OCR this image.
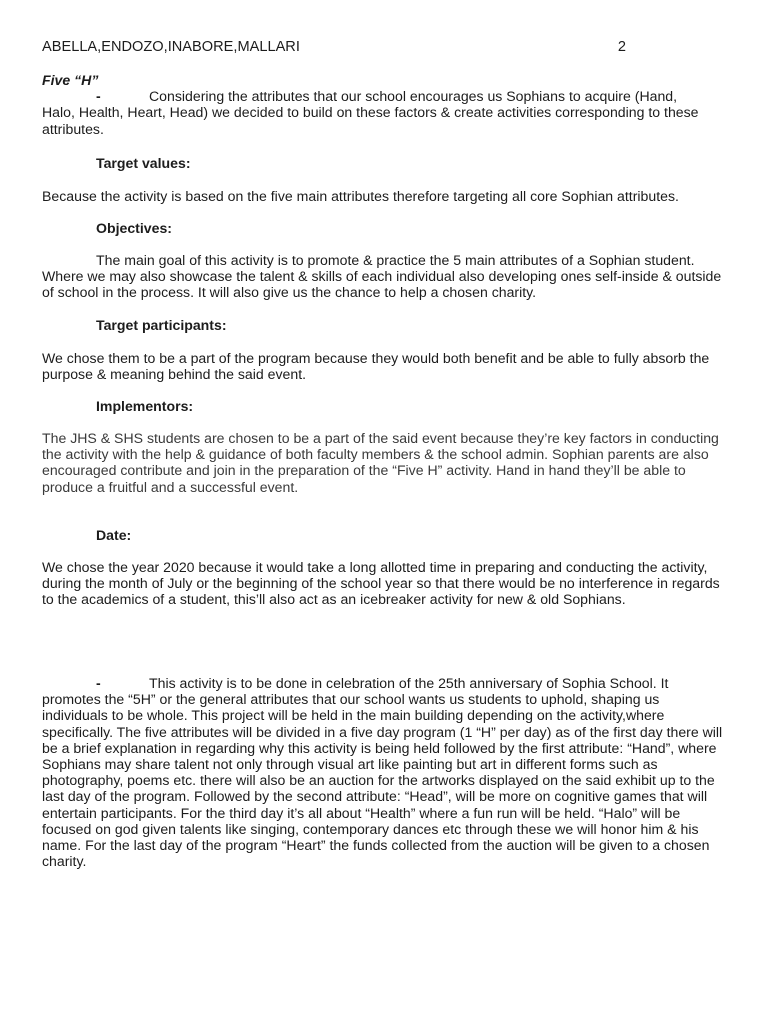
ABELLA,ENDOZO,INABORE,MALLARI	2

Five “H”

-	Considering the attributes that our school encourages us Sophians to acquire (Hand,

Halo, Health, Heart, Head) we decided to build on these factors & create activities corresponding to these attributes.

Target values:

Because the activity is based on the five main attributes therefore targeting all core Sophian attributes.

Objectives:

The main goal of this activity is to promote & practice the 5 main attributes of a Sophian student. Where we may also showcase the talent & skills of each individual also developing ones self-inside & outside of school in the process. It will also give us the chance to help a chosen charity.

Target participants:

We chose them to be a part of the program because they would both benefit and be able to fully absorb the purpose & meaning behind the said event.

Implementors:

The JHS & SHS students are chosen to be a part of the said event because they’re key factors in conducting the activity with the help & guidance of both faculty members & the school admin. Sophian parents are also encouraged contribute and join in the preparation of the “Five H” activity. Hand in hand they’ll be able to produce a fruitful and a successful event.

Date:

We chose the year 2020 because it would take a long allotted time in preparing and conducting the activity, during the month of July or the beginning of the school year so that there would be no interference in regards to the academics of a student, this’ll also act as an icebreaker activity for new & old Sophians.

-	This activity is to be done in celebration of the 25th anniversary of Sophia School. It

promotes the “5H” or the general attributes that our school wants us students to uphold, shaping us individuals to be whole. This project will be held in the main building depending on the activity,where specifically. The five attributes will be divided in a five day program (1 “H” per day) as of the first day there will be a brief explanation in regarding why this activity is being held followed by the first attribute: “Hand”, where Sophians may share talent not only through visual art like painting but art in different forms such as photography, poems etc. there will also be an auction for the artworks displayed on the said exhibit up to the last day of the program. Followed by the second attribute: “Head”, will be more on cognitive games that will entertain participants. For the third day it’s all about “Health” where a fun run will be held. “Halo” will be focused on god given talents like singing, contemporary dances etc through these we will honor him & his name. For the last day of the program “Heart” the funds collected from the auction will be given to a chosen charity.
